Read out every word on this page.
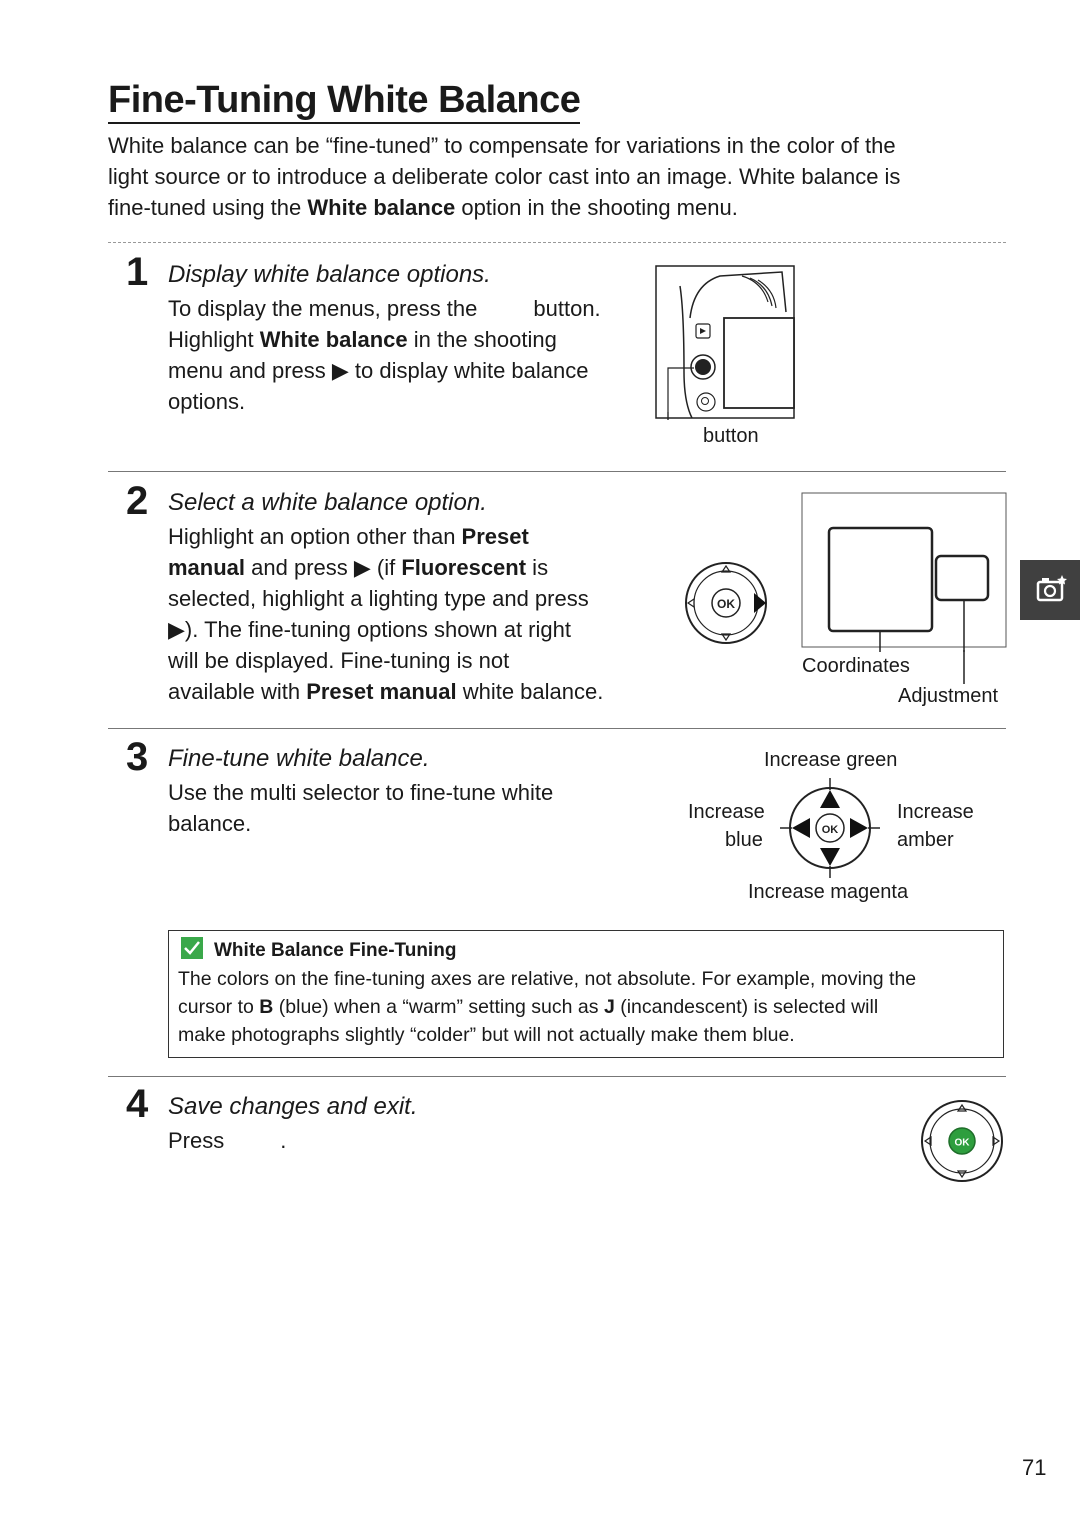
Fine-Tuning White Balance
White balance can be “fine-tuned” to compensate for variations in the color of the
light source or to introduce a deliberate color cast into an image. White balance is
fine-tuned using the White balance option in the shooting menu.
1 Display white balance options.
To display the menus, press the	button.
Highlight White balance in the shooting
menu and press ▶ to display white balance
options.
button
2 Select a white balance option.
Highlight an option other than Preset
manual and press ▶ (if Fluorescent is
selected, highlight a lighting type and press
▶). The fine-tuning options shown at right
will be displayed. Fine-tuning is not
available with Preset manual white balance.
OK
Coordinates
Adjustment
3 Fine-tune white balance.
Use the multi selector to fine-tune white
balance.
Increase green
Increase
blue
Increase
amber
Increase magenta
OK
White Balance Fine-Tuning
The colors on the fine-tuning axes are relative, not absolute. For example, moving the
cursor to B (blue) when a “warm” setting such as J (incandescent) is selected will
make photographs slightly “colder” but will not actually make them blue.
4 Save changes and exit.
Press	.	OK
71
